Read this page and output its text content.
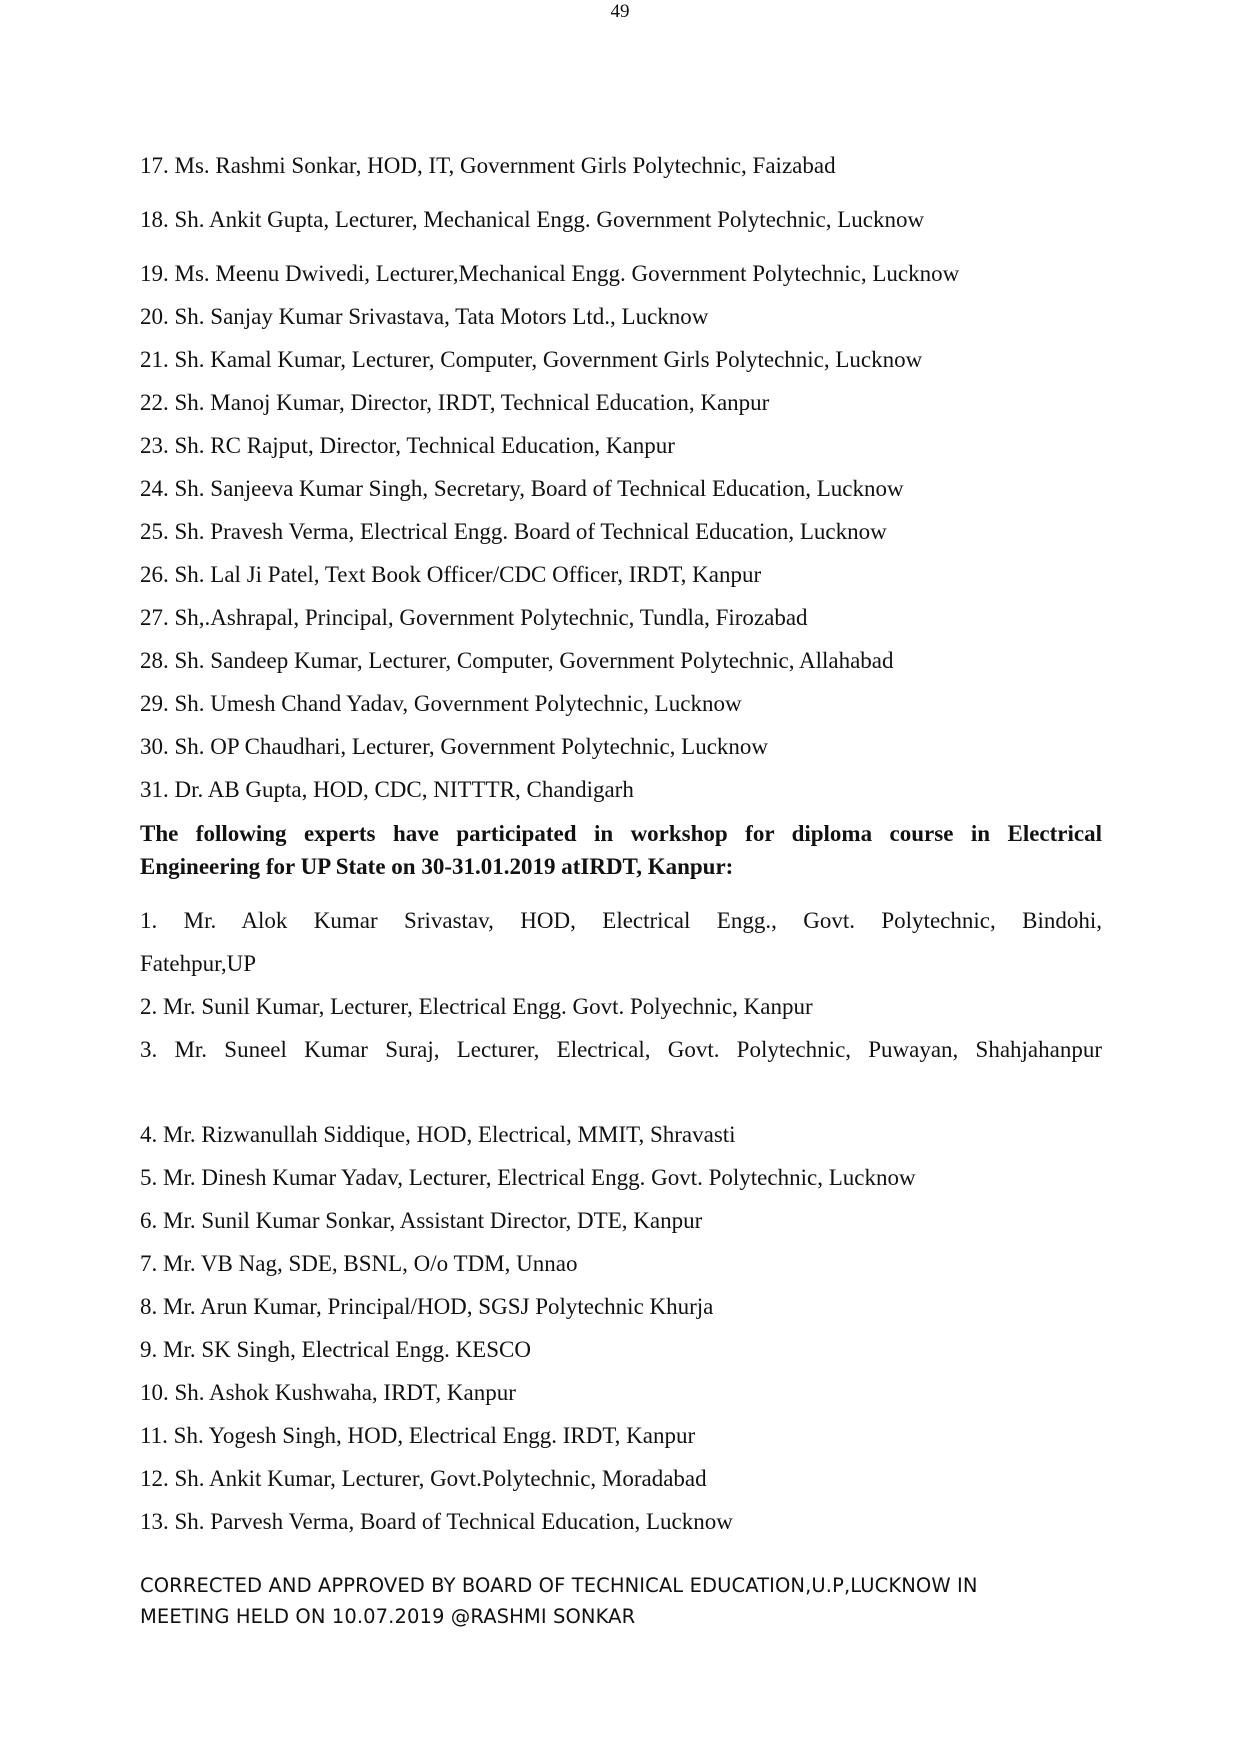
49
17. Ms. Rashmi Sonkar, HOD, IT, Government Girls Polytechnic, Faizabad
18. Sh. Ankit Gupta, Lecturer, Mechanical Engg. Government Polytechnic, Lucknow
19. Ms. Meenu Dwivedi, Lecturer,Mechanical Engg. Government Polytechnic, Lucknow
20. Sh. Sanjay Kumar Srivastava, Tata Motors Ltd., Lucknow
21. Sh. Kamal Kumar, Lecturer, Computer, Government Girls Polytechnic, Lucknow
22. Sh. Manoj Kumar, Director, IRDT, Technical Education, Kanpur
23. Sh. RC Rajput, Director, Technical Education, Kanpur
24. Sh. Sanjeeva Kumar Singh, Secretary, Board of Technical Education, Lucknow
25. Sh. Pravesh Verma, Electrical Engg. Board of Technical Education, Lucknow
26. Sh. Lal Ji Patel, Text Book Officer/CDC Officer, IRDT, Kanpur
27. Sh,.Ashrapal, Principal, Government Polytechnic, Tundla, Firozabad
28. Sh. Sandeep Kumar, Lecturer, Computer, Government Polytechnic, Allahabad
29. Sh. Umesh Chand Yadav, Government Polytechnic, Lucknow
30. Sh. OP Chaudhari, Lecturer, Government Polytechnic, Lucknow
31. Dr. AB Gupta, HOD, CDC, NITTTR, Chandigarh
The following experts have participated in workshop for diploma course in Electrical
Engineering for UP State on 30-31.01.2019 atIRDT, Kanpur:
1. Mr. Alok Kumar Srivastav, HOD, Electrical Engg., Govt. Polytechnic, Bindohi,
Fatehpur,UP
2. Mr. Sunil Kumar, Lecturer, Electrical Engg. Govt. Polyechnic, Kanpur
3. Mr. Suneel Kumar Suraj, Lecturer, Electrical, Govt. Polytechnic, Puwayan, Shahjahanpur
4. Mr. Rizwanullah Siddique, HOD, Electrical, MMIT, Shravasti
5. Mr. Dinesh Kumar Yadav, Lecturer, Electrical Engg. Govt. Polytechnic, Lucknow
6. Mr. Sunil Kumar Sonkar, Assistant Director, DTE, Kanpur
7. Mr. VB Nag, SDE, BSNL, O/o TDM, Unnao
8. Mr. Arun Kumar, Principal/HOD, SGSJ Polytechnic Khurja
9. Mr. SK Singh, Electrical Engg. KESCO
10. Sh. Ashok Kushwaha, IRDT, Kanpur
11. Sh. Yogesh Singh, HOD, Electrical Engg. IRDT, Kanpur
12. Sh. Ankit Kumar, Lecturer, Govt.Polytechnic, Moradabad
13. Sh. Parvesh Verma, Board of Technical Education, Lucknow
CORRECTED AND APPROVED BY BOARD OF TECHNICAL EDUCATION,U.P,LUCKNOW IN
MEETING HELD ON 10.07.2019 @RASHMI SONKAR
